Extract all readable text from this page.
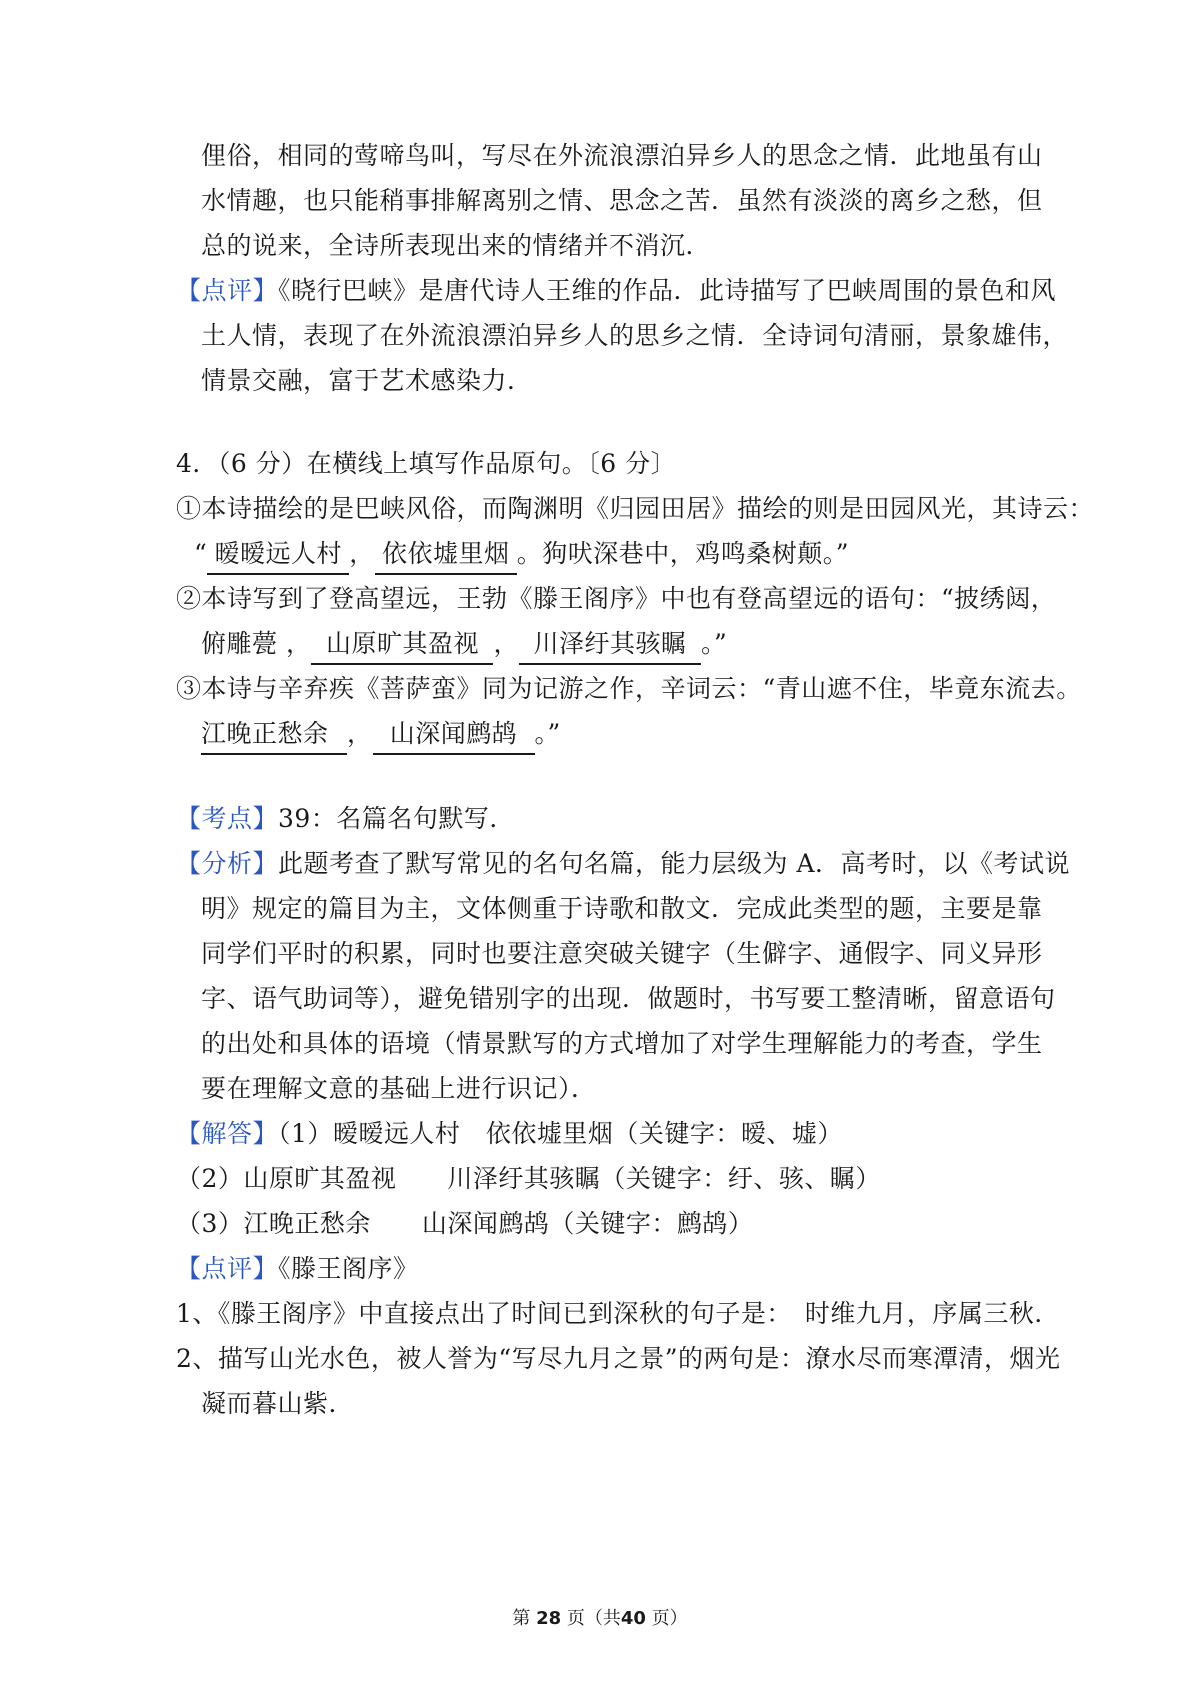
俚俗，相同的莺啼鸟叫，写尽在外流浪漂泊异乡人的思念之情．此地虽有山
水情趣，也只能稍事排解离别之情、思念之苦．虽然有淡淡的离乡之愁，但
总的说来，全诗所表现出来的情绪并不消沉．
【点评】《晓行巴峡》是唐代诗人王维的作品．此诗描写了巴峡周围的景色和风
土人情，表现了在外流浪漂泊异乡人的思乡之情．全诗词句清丽，景象雄伟，
情景交融，富于艺术感染力．
4．（6 分）在横线上填写作品原句。〔6 分〕
①本诗描绘的是巴峡风俗，而陶渊明《归园田居》描绘的则是田园风光，其诗云：
“ 暧暧远人村 ， 依依墟里烟 。狗吠深巷中，鸡鸣桑树颠。”
②本诗写到了登高望远，王勃《滕王阁序》中也有登高望远的语句：“披绣闼，
俯雕甍 ， 山原旷其盈视 ， 川泽纡其骇瞩 。”
③本诗与辛弃疾《菩萨蛮》同为记游之作，辛词云：“青山遮不住，毕竟东流去。
江晚正愁余 ， 山深闻鹧鸪 。”
【考点】39：名篇名句默写．
【分析】此题考查了默写常见的名句名篇，能力层级为 A．高考时，以《考试说
明》规定的篇目为主，文体侧重于诗歌和散文．完成此类型的题，主要是靠
同学们平时的积累，同时也要注意突破关键字（生僻字、通假字、同义异形
字、语气助词等），避免错别字的出现．做题时，书写要工整清晰，留意语句
的出处和具体的语境（情景默写的方式增加了对学生理解能力的考查，学生
要在理解文意的基础上进行识记）．
【解答】（1）暧暧远人村　依依墟里烟（关键字：暧、墟）
（2）山原旷其盈视　　川泽纡其骇瞩（关键字：纡、骇、瞩）
（3）江晚正愁余　　山深闻鹧鸪（关键字：鹧鸪）
【点评】《滕王阁序》
1、《滕王阁序》中直接点出了时间已到深秋的句子是：　时维九月，序属三秋．
2、描写山光水色，被人誉为“写尽九月之景”的两句是：潦水尽而寒潭清，烟光
凝而暮山紫．
第 28 页（共40 页）
